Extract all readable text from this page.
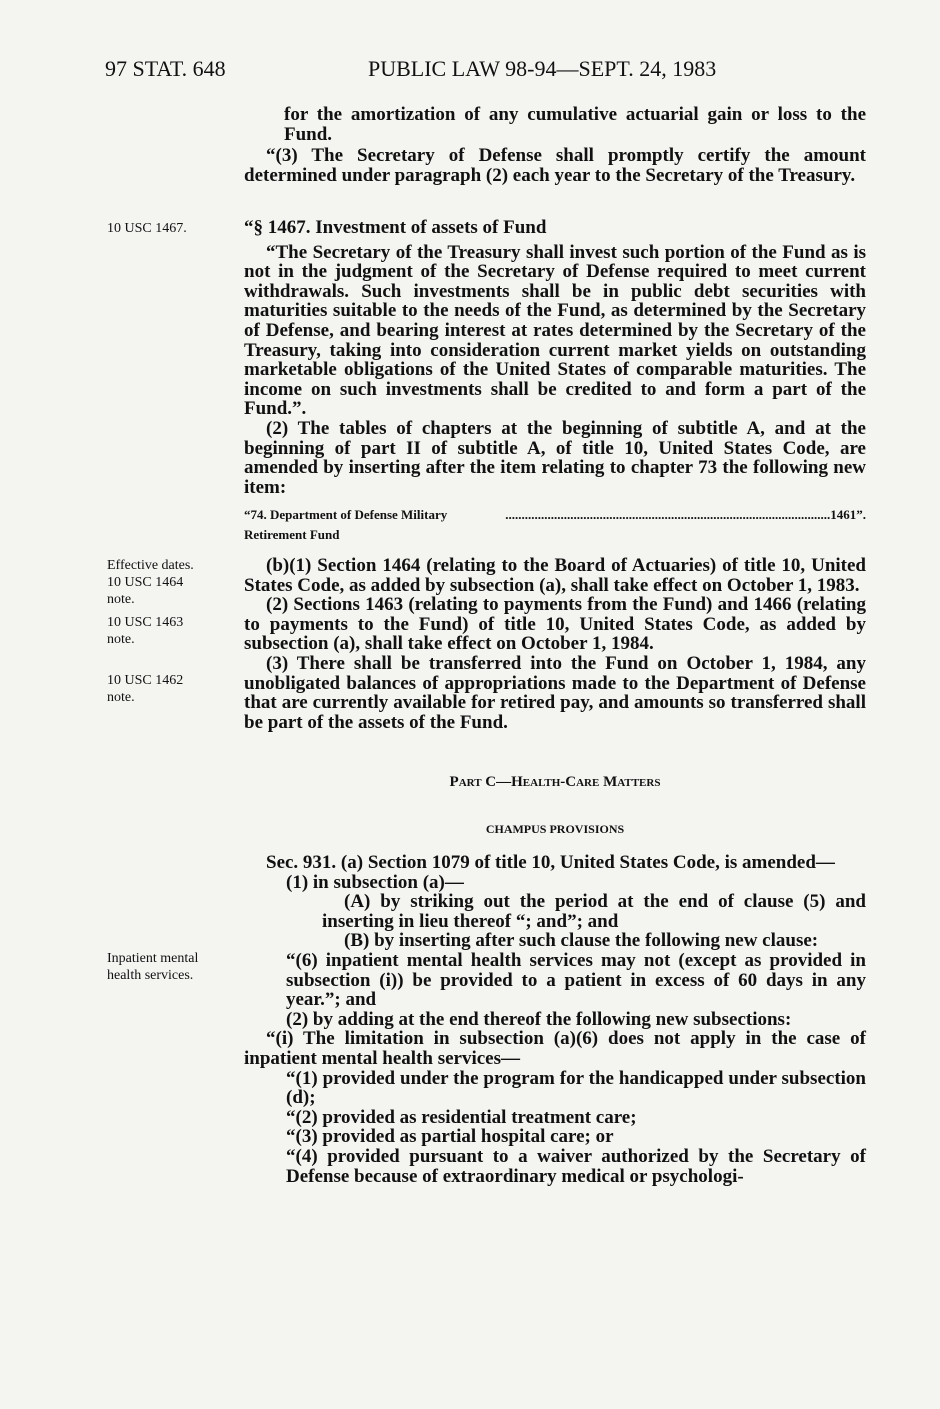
97 STAT. 648	PUBLIC LAW 98-94—SEPT. 24, 1983
10 USC 1467.
Effective dates.
10 USC 1464
note.
10 USC 1463
note.
10 USC 1462
note.
Inpatient mental
health services.

for the amortization of any cumulative actuarial gain or loss to the Fund.

“(3) The Secretary of Defense shall promptly certify the amount determined under paragraph (2) each year to the Secretary of the Treasury.

“§ 1467. Investment of assets of Fund

“The Secretary of the Treasury shall invest such portion of the Fund as is not in the judgment of the Secretary of Defense required to meet current withdrawals. Such investments shall be in public debt securities with maturities suitable to the needs of the Fund, as determined by the Secretary of Defense, and bearing interest at rates determined by the Secretary of the Treasury, taking into consideration current market yields on outstanding marketable obligations of the United States of comparable maturities. The income on such investments shall be credited to and form a part of the Fund.”.

(2) The tables of chapters at the beginning of subtitle A, and at the beginning of part II of subtitle A, of title 10, United States Code, are amended by inserting after the item relating to chapter 73 the following new item:

“74. Department of Defense Military Retirement Fund
.................................................................................................... 1461”.

(b)(1) Section 1464 (relating to the Board of Actuaries) of title 10, United States Code, as added by subsection (a), shall take effect on October 1, 1983.

(2) Sections 1463 (relating to payments from the Fund) and 1466 (relating to payments to the Fund) of title 10, United States Code, as added by subsection (a), shall take effect on October 1, 1984.

(3) There shall be transferred into the Fund on October 1, 1984, any unobligated balances of appropriations made to the Department of Defense that are currently available for retired pay, and amounts so transferred shall be part of the assets of the Fund.

Part C—Health-Care Matters
CHAMPUS PROVISIONS

Sec. 931. (a) Section 1079 of title 10, United States Code, is amended—

(1) in subsection (a)—

(A) by striking out the period at the end of clause (5) and inserting in lieu thereof “; and”; and

(B) by inserting after such clause the following new clause:

“(6) inpatient mental health services may not (except as provided in subsection (i)) be provided to a patient in excess of 60 days in any year.”; and

(2) by adding at the end thereof the following new subsections:

“(i) The limitation in subsection (a)(6) does not apply in the case of inpatient mental health services—

“(1) provided under the program for the handicapped under subsection (d);

“(2) provided as residential treatment care;

“(3) provided as partial hospital care; or

“(4) provided pursuant to a waiver authorized by the Secretary of Defense because of extraordinary medical or psychologi-
